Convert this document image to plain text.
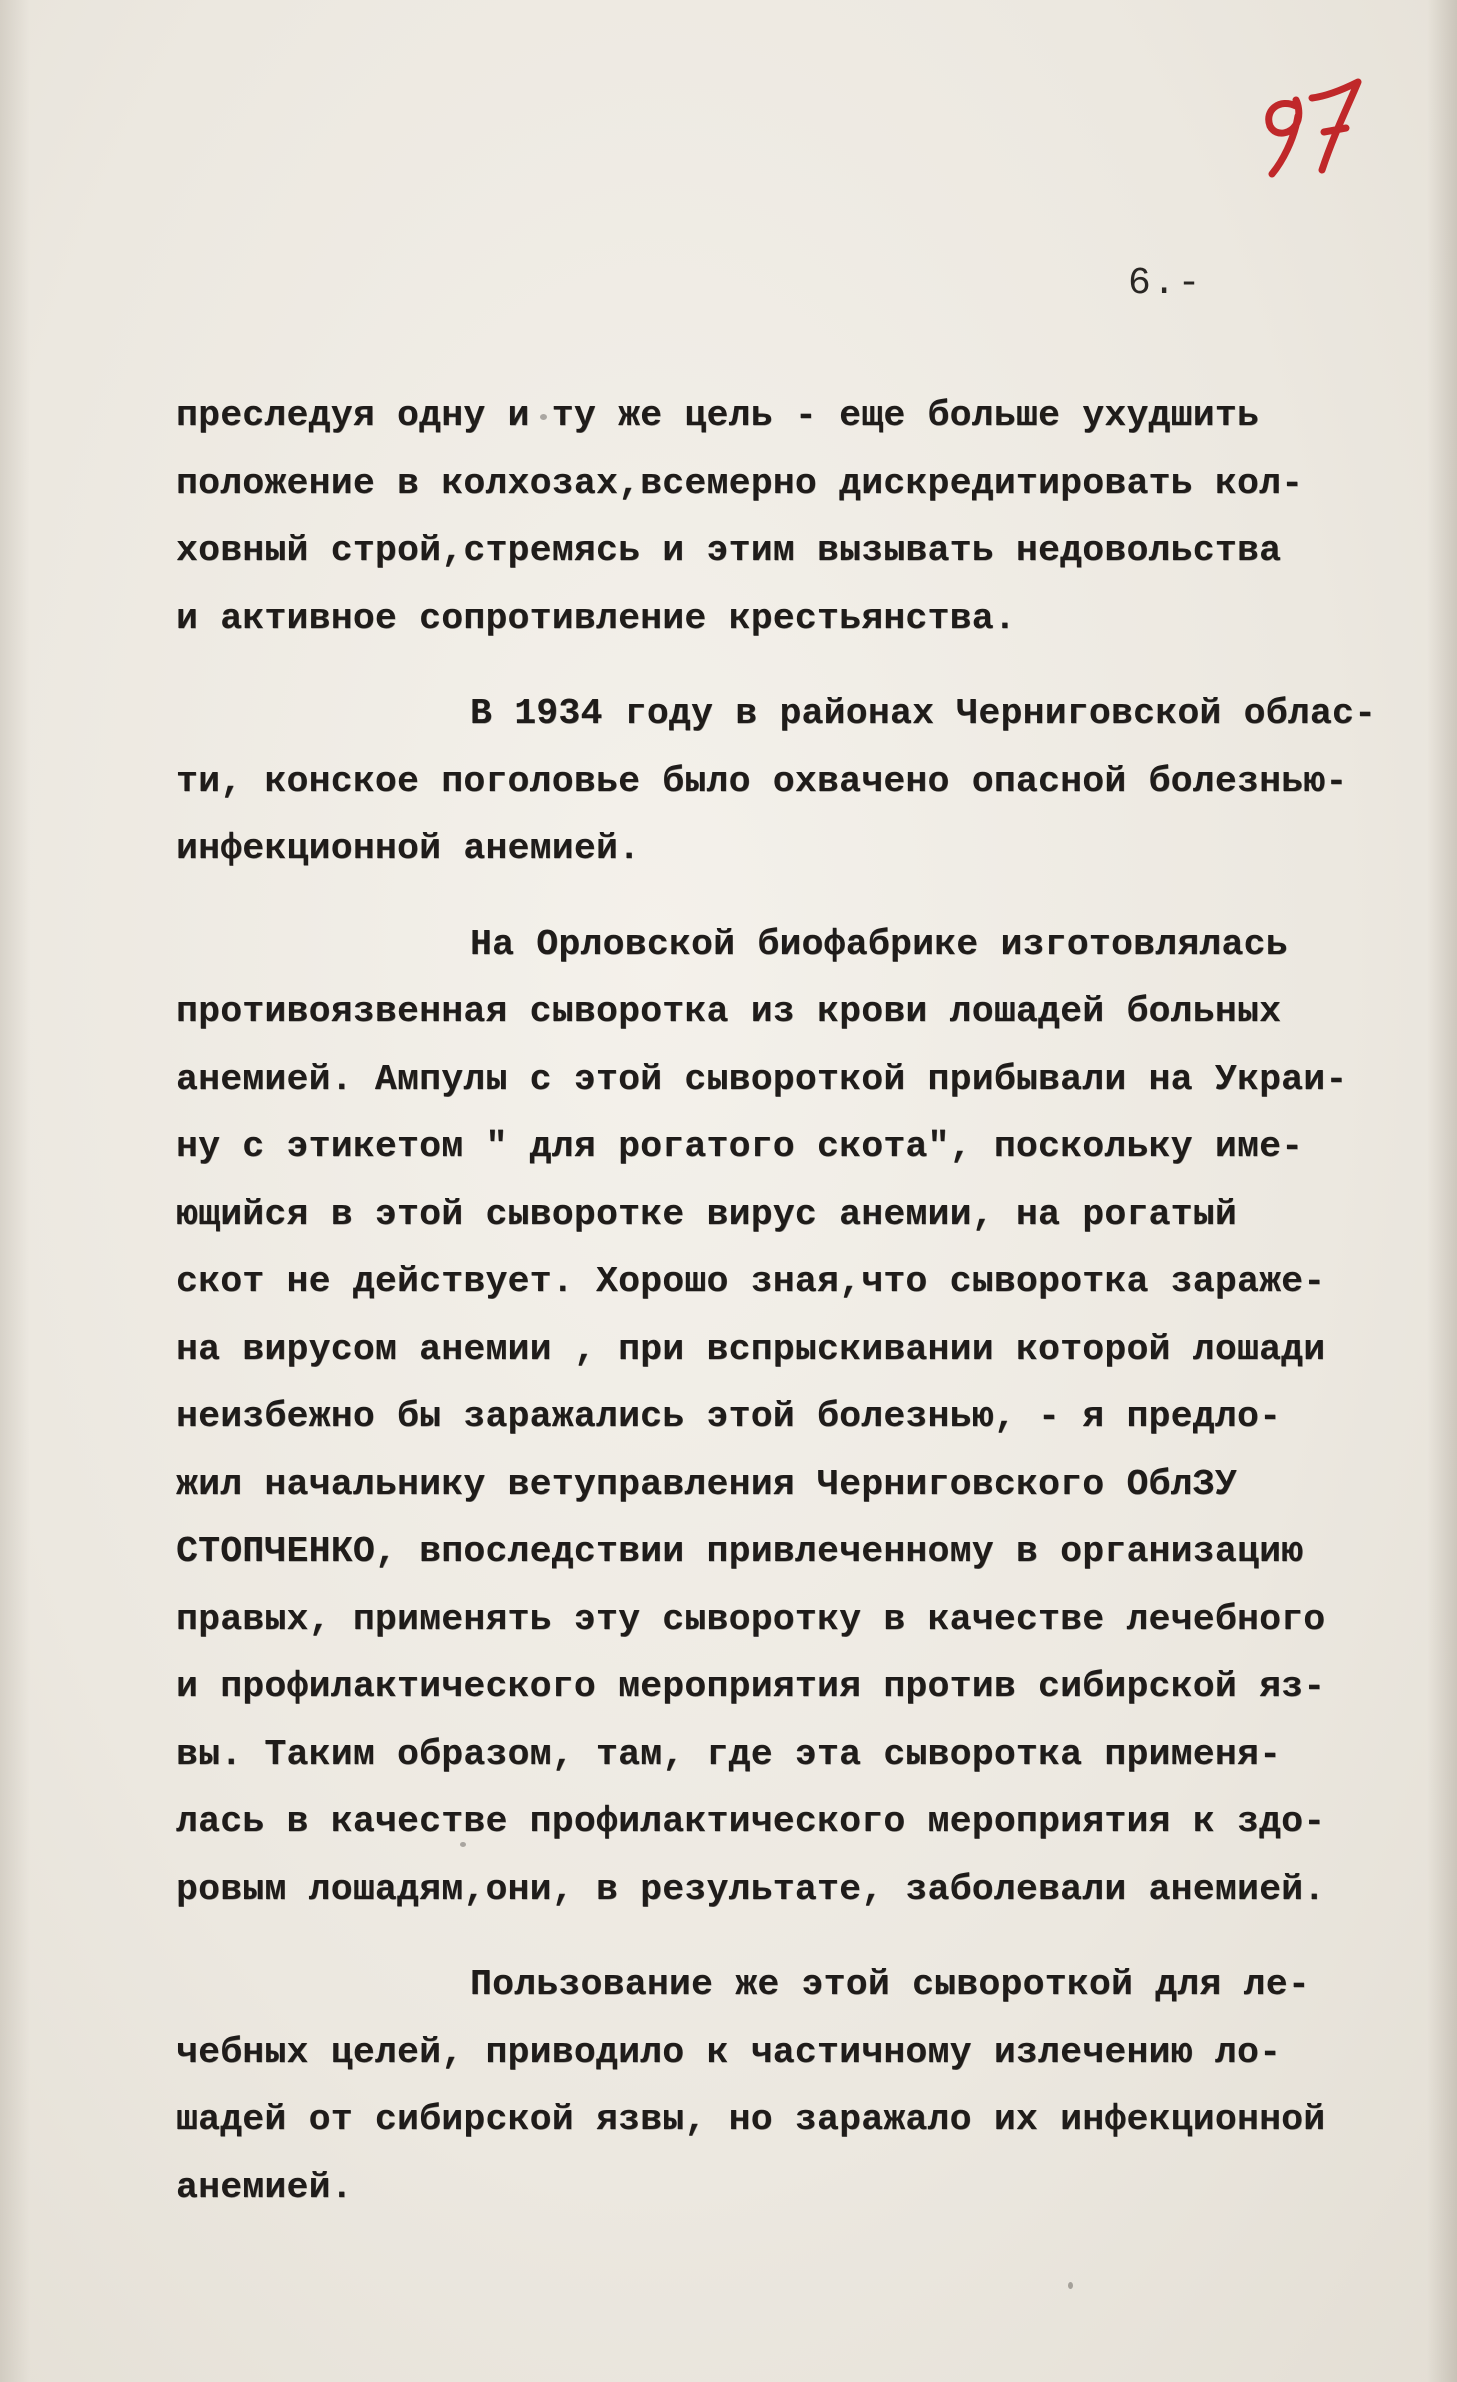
6.-
преследуя одну и ту же цель - еще больше ухудшить
положение в колхозах,всемерно дискредитировать кол-
ховный строй,стремясь и этим вызывать недовольства
и активное сопротивление крестьянства.
В 1934 году в районах Черниговской облас-
ти, конское поголовье было охвачено опасной болезнью-
инфекционной анемией.
На Орловской биофабрике изготовлялась
противоязвенная сыворотка из крови лошадей больных
анемией. Ампулы с этой сывороткой прибывали на Украи-
ну с этикетом " для рогатого скота", поскольку име-
ющийся в этой сыворотке вирус анемии, на рогатый
скот не действует. Хорошо зная,что сыворотка зараже-
на вирусом анемии , при вспрыскивании которой лошади
неизбежно бы заражались этой болезнью, - я предло-
жил начальнику ветуправления Черниговского ОблЗУ
СТОПЧЕНКО, впоследствии привлеченному в организацию
правых, применять эту сыворотку в качестве лечебного
и профилактического мероприятия против сибирской яз-
вы. Таким образом, там, где эта сыворотка применя-
лась в качестве профилактического мероприятия к здо-
ровым лошадям,они, в результате, заболевали анемией.
Пользование же этой сывороткой для ле-
чебных целей, приводило к частичному излечению ло-
шадей от сибирской язвы, но заражало их инфекционной
анемией.
